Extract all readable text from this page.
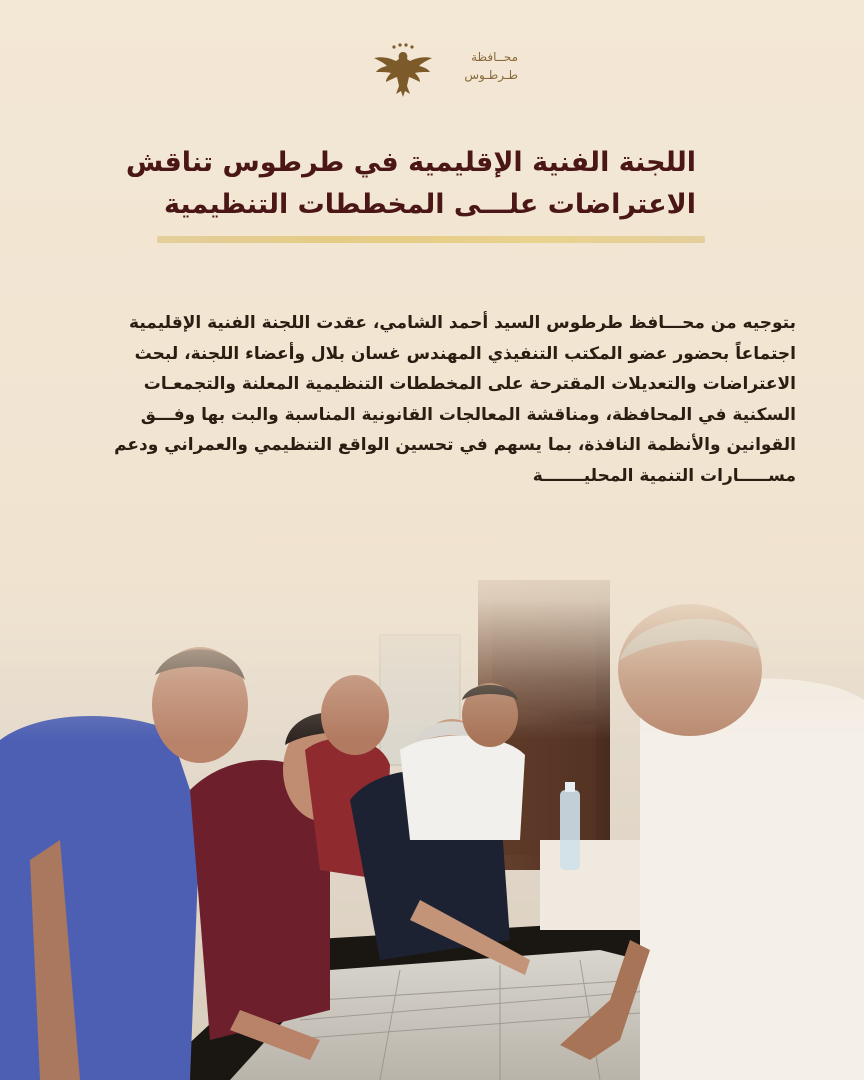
محــافظة
طـرطـوس
اللجنة الفنية الإقليمية في طرطوس تناقش
الاعتراضات علـــى المخططات التنظيمية
بتوجيه من محـــافظ طرطوس السيد أحمد الشامي، عقدت اللجنة الفنية الإقليمية
اجتماعاً بحضور عضو المكتب التنفيذي المهندس غسان بلال وأعضاء اللجنة، لبحث
الاعتراضات والتعديلات المقترحة على المخططات التنظيمية المعلنة والتجمعـات
السكنية في المحافظة، ومناقشة المعالجات القانونية المناسبة والبت بها وفـــق
القوانين والأنظمة النافذة، بما يسهم في تحسين الواقع التنظيمي والعمراني ودعم
مســـــارات التنمية المحليـــــــة
